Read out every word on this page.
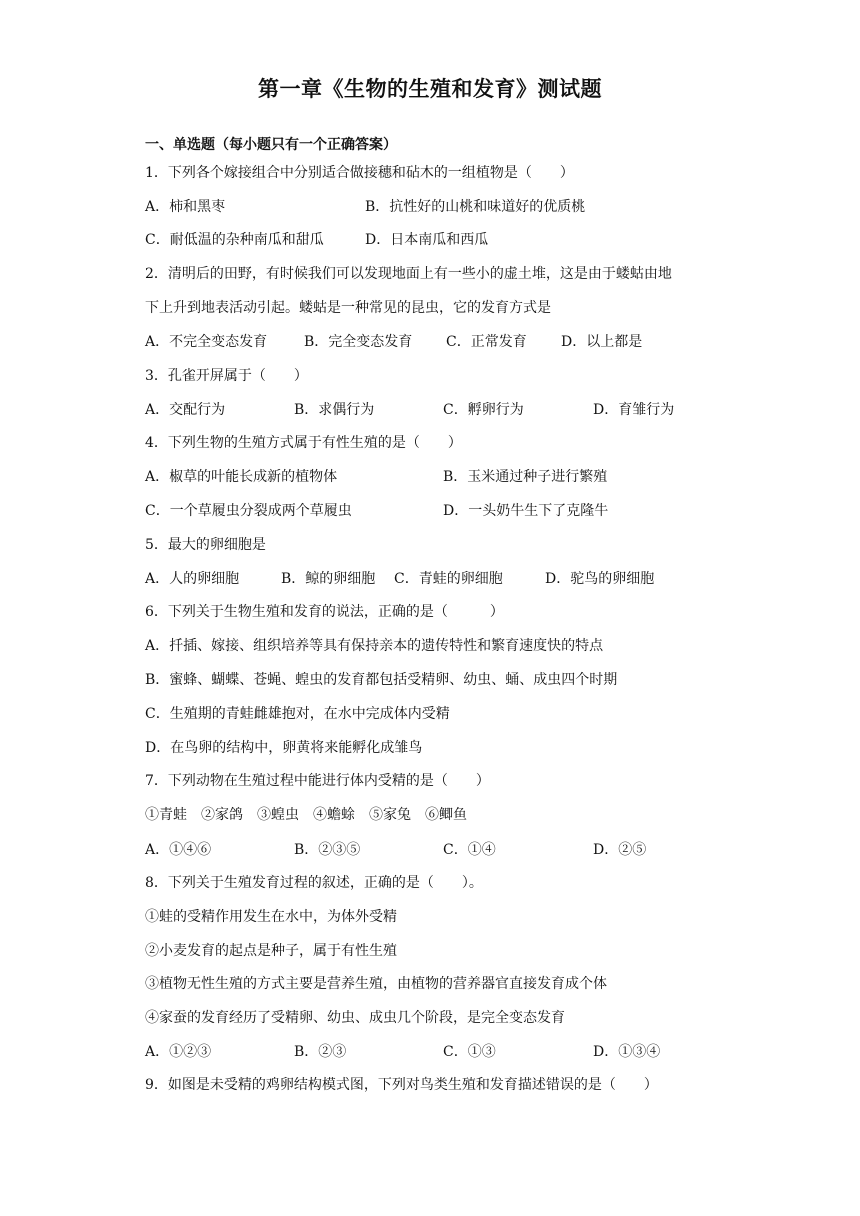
第一章《生物的生殖和发育》测试题
一、单选题（每小题只有一个正确答案）
1．下列各个嫁接组合中分别适合做接穗和砧木的一组植物是（　　）
A．柿和黑枣	B．抗性好的山桃和味道好的优质桃
C．耐低温的杂种南瓜和甜瓜	D．日本南瓜和西瓜
2．清明后的田野，有时候我们可以发现地面上有一些小的虚土堆，这是由于蝼蛄由地
下上升到地表活动引起。蝼蛄是一种常见的昆虫，它的发育方式是
A．不完全变态发育	B．完全变态发育 C．正常发育 D．以上都是
3．孔雀开屏属于（　　）
A．交配行为	B．求偶行为	C．孵卵行为	D．育雏行为
4．下列生物的生殖方式属于有性生殖的是（　　）
A．椒草的叶能长成新的植物体	B．玉米通过种子进行繁殖
C．一个草履虫分裂成两个草履虫	D．一头奶牛生下了克隆牛
5．最大的卵细胞是
A．人的卵细胞	B．鲸的卵细胞 C．青蛙的卵细胞	D．驼鸟的卵细胞
6．下列关于生物生殖和发育的说法，正确的是（　　　）
A．扦插、嫁接、组织培养等具有保持亲本的遗传特性和繁育速度快的特点
B．蜜蜂、蝴蝶、苍蝇、蝗虫的发育都包括受精卵、幼虫、蛹、成虫四个时期
C．生殖期的青蛙雌雄抱对，在水中完成体内受精
D．在鸟卵的结构中，卵黄将来能孵化成雏鸟
7．下列动物在生殖过程中能进行体内受精的是（　　）
①青蛙　②家鸽　③蝗虫　④蟾蜍　⑤家兔　⑥鲫鱼
A．①④⑥	B．②③⑤	C．①④	D．②⑤
8．下列关于生殖发育过程的叙述，正确的是（　　）。
①蛙的受精作用发生在水中，为体外受精
②小麦发育的起点是种子，属于有性生殖
③植物无性生殖的方式主要是营养生殖，由植物的营养器官直接发育成个体
④家蚕的发育经历了受精卵、幼虫、成虫几个阶段，是完全变态发育
A．①②③	B．②③	C．①③	D．①③④
9．如图是未受精的鸡卵结构模式图，下列对鸟类生殖和发育描述错误的是（　　）
